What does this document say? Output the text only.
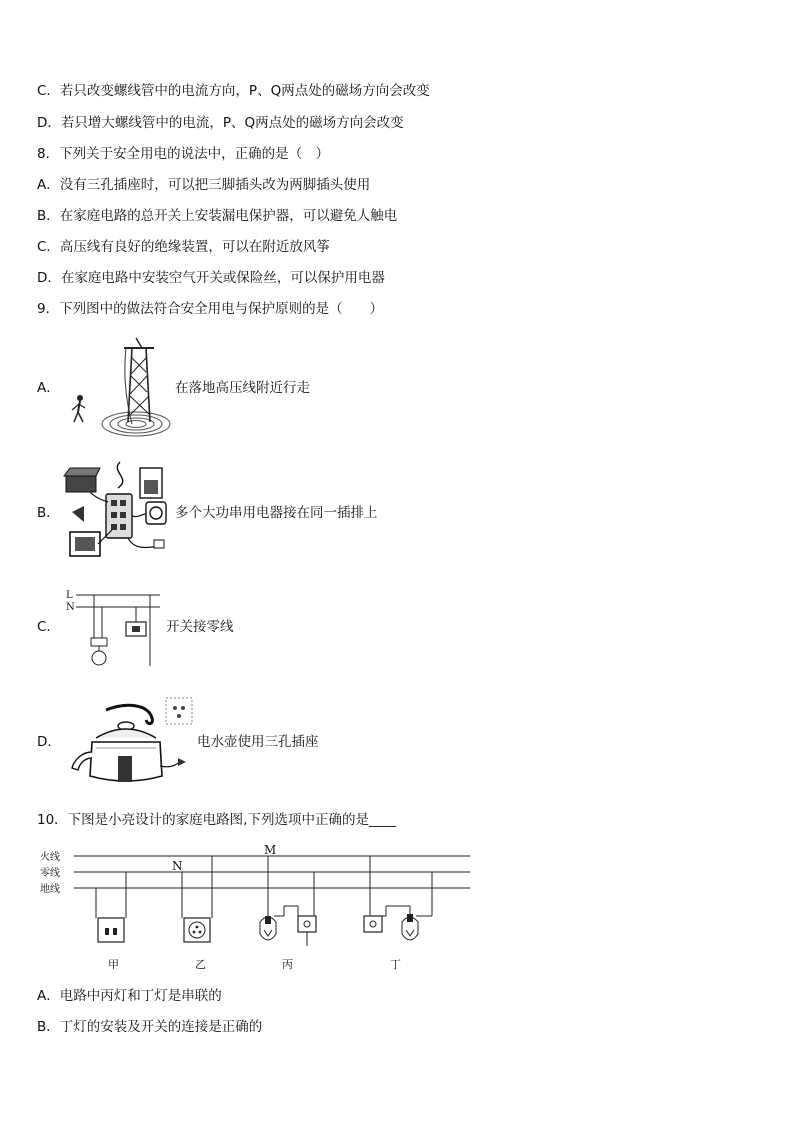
C．若只改变螺线管中的电流方向，P、Q两点处的磁场方向会改变
D．若只增大螺线管中的电流，P、Q两点处的磁场方向会改变
8．下列关于安全用电的说法中，正确的是（　）
A．没有三孔插座时，可以把三脚插头改为两脚插头使用
B．在家庭电路的总开关上安装漏电保护器，可以避免人触电
C．高压线有良好的绝缘装置，可以在附近放风筝
D．在家庭电路中安装空气开关或保险丝，可以保护用电器
9．下列图中的做法符合安全用电与保护原则的是（　　）
A．	在落地高压线附近行走
B．	多个大功串用电器接在同一插排上
C．
L
N
开关接零线
D．	电水壶使用三孔插座
10．下图是小亮设计的家庭电路图,下列选项中正确的是____
火线
零线
地线
N
M
甲	乙	丙	丁
A．电路中丙灯和丁灯是串联的
B．丁灯的安装及开关的连接是正确的
